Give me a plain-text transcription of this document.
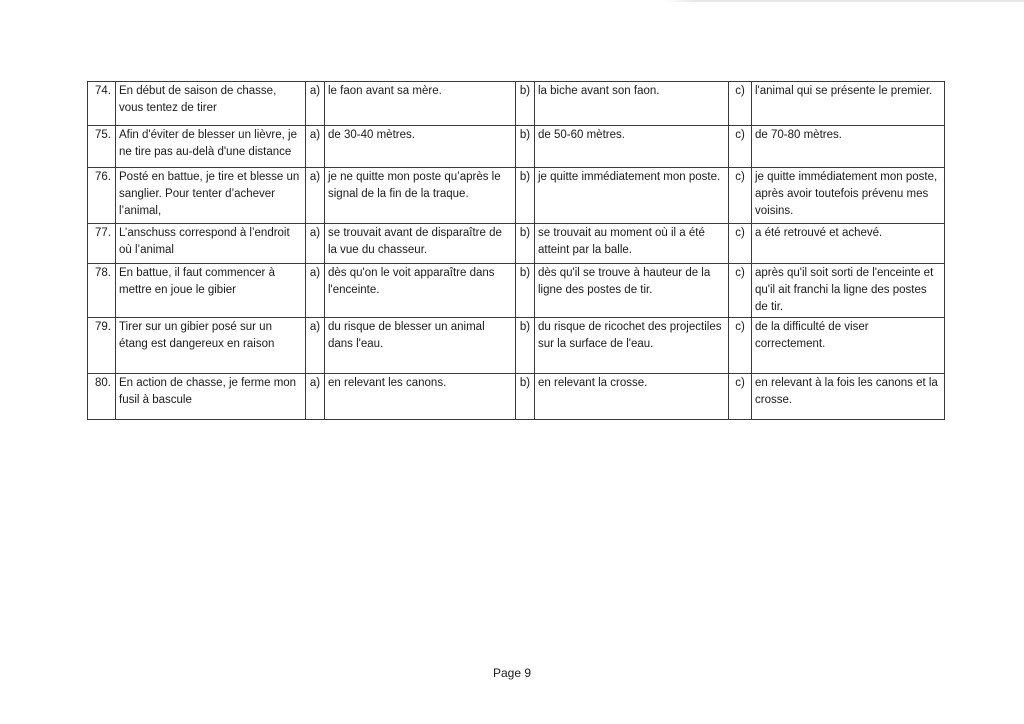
74.	En début de saison de chasse, vous tentez de tirer	a)	le faon avant sa mère.	b)	la biche avant son faon.	c)	l'animal qui se présente le premier.
75.	Afin d'éviter de blesser un lièvre, je ne tire pas au-delà d'une distance	a)	de 30-40 mètres.	b)	de 50-60 mètres.	c)	de 70-80 mètres.
76.	Posté en battue, je tire et blesse un sanglier. Pour tenter d’achever l’animal,	a)	je ne quitte mon poste qu’après le signal de la fin de la traque.	b)	je quitte immédiatement mon poste.	c)	je quitte immédiatement mon poste, après avoir toutefois prévenu mes voisins.
77.	L’anschuss correspond à l’endroit où l’animal	a)	se trouvait avant de disparaître de la vue du chasseur.	b)	se trouvait au moment où il a été atteint par la balle.	c)	a été retrouvé et achevé.
78.	En battue, il faut commencer à mettre en joue le gibier	a)	dès qu'on le voit apparaître dans l'enceinte.	b)	dès qu'il se trouve à hauteur de la ligne des postes de tir.	c)	après qu'il soit sorti de l'enceinte et qu'il ait franchi la ligne des postes de tir.
79.	Tirer sur un gibier posé sur un étang est dangereux en raison	a)	du risque de blesser un animal dans l'eau.	b)	du risque de ricochet des projectiles sur la surface de l'eau.	c)	de la difficulté de viser correctement.
80.	En action de chasse, je ferme mon fusil à bascule	a)	en relevant les canons.	b)	en relevant la crosse.	c)	en relevant à la fois les canons et la crosse.
Page 9
